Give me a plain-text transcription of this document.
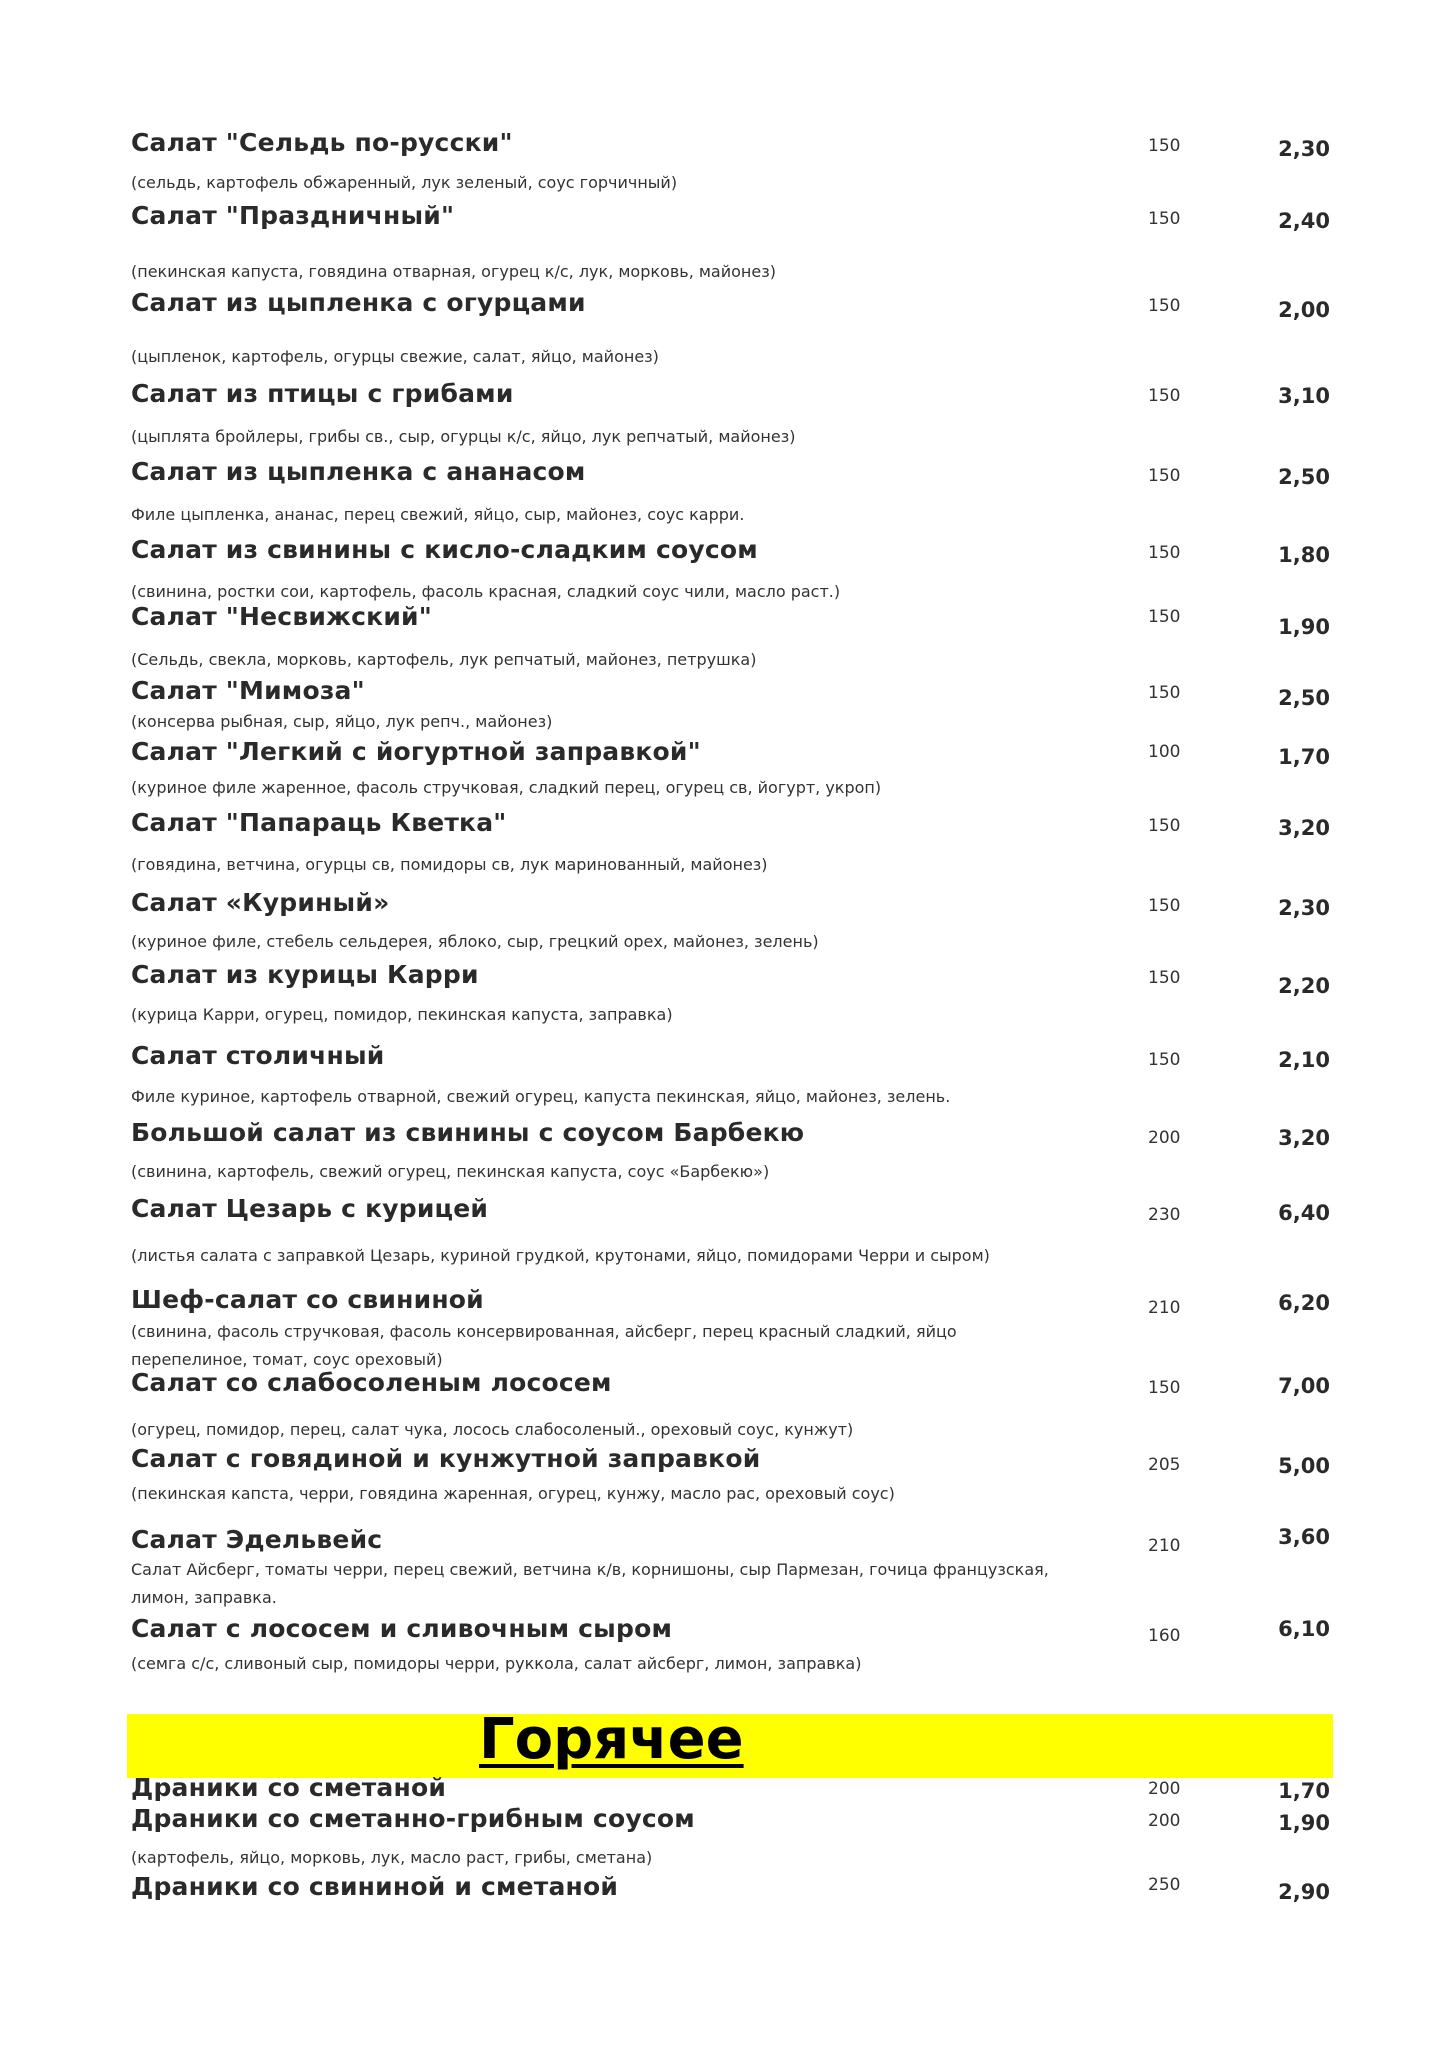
Салат "Сельдь по-русски"	150	2,30
(сельдь, картофель обжаренный, лук зеленый, соус горчичный)
Салат "Праздничный"	150	2,40
(пекинская капуста, говядина отварная, огурец к/с, лук, морковь, майонез)
Салат из цыпленка с огурцами	150	2,00
(цыпленок, картофель, огурцы свежие, салат, яйцо, майонез)
Салат из птицы с грибами	150	3,10
(цыплята бройлеры, грибы св., сыр, огурцы к/с, яйцо, лук репчатый, майонез)
Салат из цыпленка с ананасом	150	2,50
Филе цыпленка, ананас, перец свежий, яйцо, сыр, майонез, соус карри.
Салат из свинины с кисло-сладким соусом	150	1,80
(свинина, ростки сои, картофель, фасоль красная, сладкий соус чили, масло раст.)
Салат "Несвижский"	150	1,90
(Сельдь, свекла, морковь, картофель, лук репчатый, майонез, петрушка)
Салат "Мимоза"	150	2,50
(консерва рыбная, сыр, яйцо, лук репч., майонез)
Салат "Легкий с йогуртной заправкой"	100	1,70
(куриное филе жаренное, фасоль стручковая, сладкий перец, огурец св, йогурт, укроп)
Салат "Папараць Кветка"	150	3,20
(говядина, ветчина, огурцы св, помидоры св, лук маринованный, майонез)
Салат «Куриный»	150	2,30
(куриное филе, стебель сельдерея, яблоко, сыр, грецкий орех, майонез, зелень)
Салат из курицы Карри	150	2,20
(курица Карри, огурец, помидор, пекинская капуста, заправка)
Салат столичный	150	2,10
Филе куриное, картофель отварной, свежий огурец, капуста пекинская, яйцо, майонез, зелень.
Большой салат из свинины с соусом Барбекю	200	3,20
(свинина, картофель, свежий огурец, пекинская капуста, соус «Барбекю»)
Салат Цезарь с курицей	230	6,40
(листья салата с заправкой Цезарь, куриной грудкой, крутонами, яйцо, помидорами Черри и сыром)
Шеф-салат со свининой	210	6,20
(свинина, фасоль стручковая, фасоль консервированная, айсберг, перец красный сладкий, яйцо перепелиное, томат, соус ореховый)
Салат со слабосоленым лососем	150	7,00
(огурец, помидор, перец, салат чука, лосось слабосоленый., ореховый соус, кунжут)
Салат с говядиной и кунжутной заправкой	205	5,00
(пекинская капста, черри, говядина жаренная, огурец, кунжу, масло рас, ореховый соус)
Салат Эдельвейс	210	3,60
Салат Айсберг, томаты черри, перец свежий, ветчина к/в, корнишоны, сыр Пармезан, гочица французская, лимон, заправка.
Салат с лососем и сливочным сыром	160	6,10
(семга с/с, сливоный сыр, помидоры черри, руккола, салат айсберг, лимон, заправка)
Горячее
Драники со сметаной	200	1,70
Драники со сметанно-грибным соусом	200	1,90
(картофель, яйцо, морковь, лук, масло раст, грибы, сметана)
Драники со свининой и сметаной	250	2,90
